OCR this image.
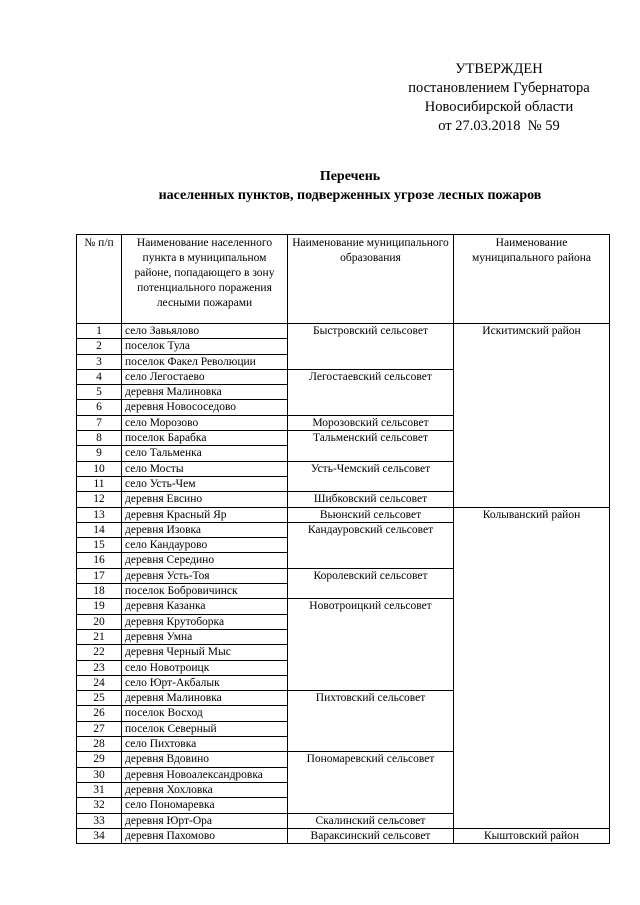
УТВЕРЖДЕН
постановлением Губернатора
Новосибирской области
от 27.03.2018  № 59
Перечень
населенных пунктов, подверженных угрозе лесных пожаров
№ п/п	Наименование населенного пункта в муниципальном районе, попадающего в зону потенциального поражения лесными пожарами	Наименование муниципального образования	Наименование муниципального района
1	село Завьялово	Быстровский сельсовет	Искитимский район
2	поселок Тула		
3	поселок Факел Революции		
4	село Легостаево	Легостаевский сельсовет	
5	деревня Малиновка		
6	деревня Новососедово		
7	село Морозово	Морозовский сельсовет	
8	поселок Барабка	Тальменский сельсовет	
9	село Тальменка		
10	село Мосты	Усть-Чемский сельсовет	
11	село Усть-Чем		
12	деревня Евсино	Шибковский сельсовет	
13	деревня Красный Яр	Вьюнский сельсовет	Колыванский район
14	деревня Изовка	Кандауровский сельсовет	
15	село Кандаурово		
16	деревня Середино		
17	деревня Усть-Тоя	Королевский сельсовет	
18	поселок Бобровичинск		
19	деревня Казанка	Новотроицкий сельсовет	
20	деревня Крутоборка		
21	деревня Умна		
22	деревня Черный Мыс		
23	село Новотроицк		
24	село Юрт-Акбалык		
25	деревня Малиновка	Пихтовский сельсовет	
26	поселок Восход		
27	поселок Северный		
28	село Пихтовка		
29	деревня Вдовино	Пономаревский сельсовет	
30	деревня Новоалександровка		
31	деревня Хохловка		
32	село Пономаревка		
33	деревня Юрт-Ора	Скалинский сельсовет	
34	деревня Пахомово	Вараксинский сельсовет	Кыштовский район
